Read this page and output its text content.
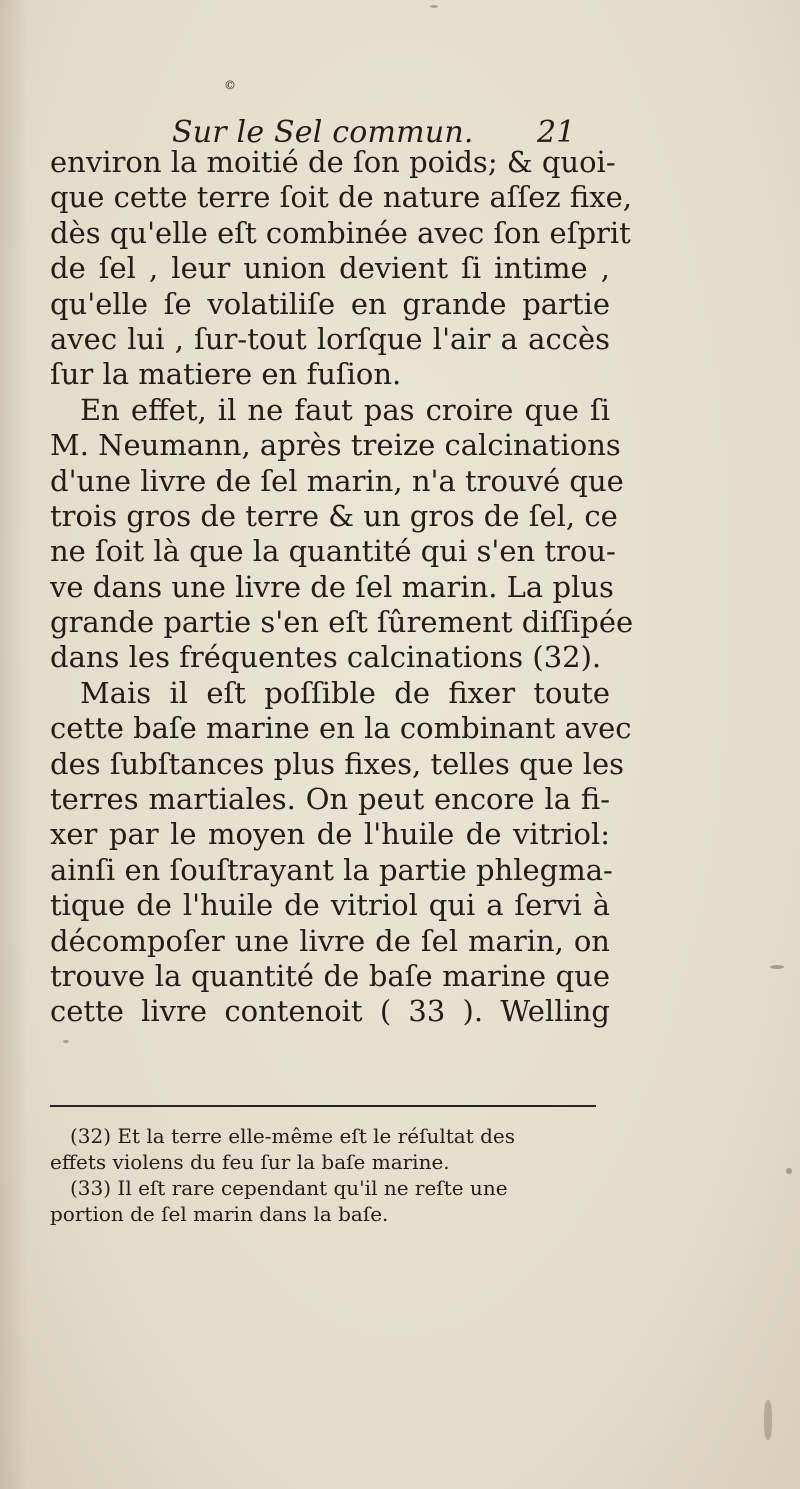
©
Sur le Sel commun. 21
environ la moitié de ſon poids; & quoi-
que cette terre ſoit de nature aſſez fixe,
dès qu'elle eſt combinée avec ſon eſprit
de ſel , leur union devient ſi intime ,
qu'elle ſe volatiliſe en grande partie
avec lui , ſur-tout lorſque l'air a accès
ſur la matiere en fuſion.
En effet, il ne faut pas croire que ſi
M. Neumann, après treize calcinations
d'une livre de ſel marin, n'a trouvé que
trois gros de terre & un gros de ſel, ce
ne ſoit là que la quantité qui s'en trou-
ve dans une livre de ſel marin. La plus
grande partie s'en eſt ſûrement diſſipée
dans les fréquentes calcinations (32).
Mais il eſt poſſible de fixer toute
cette baſe marine en la combinant avec
des ſubſtances plus fixes, telles que les
terres martiales. On peut encore la fi-
xer par le moyen de l'huile de vitriol:
ainſi en ſouſtrayant la partie phlegma-
tique de l'huile de vitriol qui a ſervi à
décompoſer une livre de ſel marin, on
trouve la quantité de baſe marine que
cette livre contenoit ( 33 ). Welling
(32) Et la terre elle-même eſt le réſultat des
effets violens du feu ſur la baſe marine.
(33) Il eſt rare cependant qu'il ne reſte une
portion de ſel marin dans la baſe.
